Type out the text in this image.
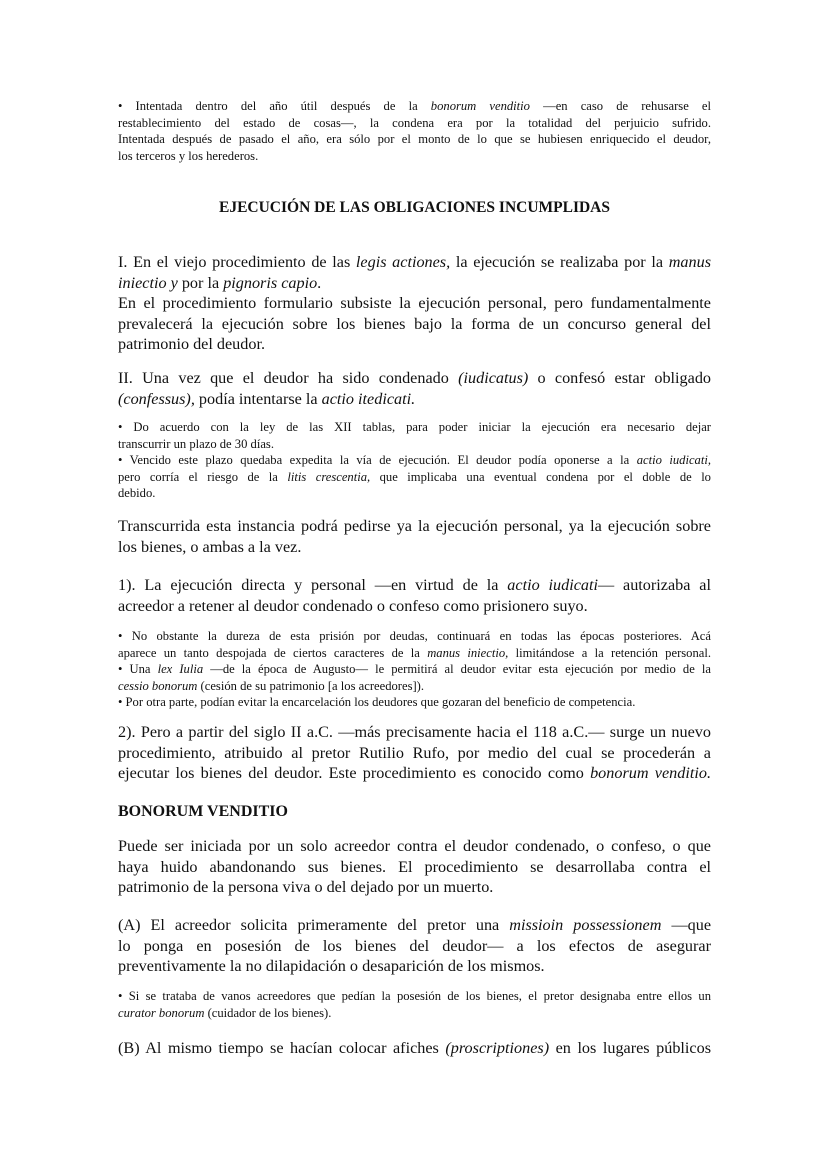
• Intentada dentro del año útil después de la bonorum venditio —en caso de rehusarse el
restablecimiento del estado de cosas—, la condena era por la totalidad del perjuicio sufrido.
Intentada después de pasado el año, era sólo por el monto de lo que se hubiesen enriquecido el deudor,
los terceros y los herederos.
EJECUCIÓN DE LAS OBLIGACIONES INCUMPLIDAS
I. En el viejo procedimiento de las legis actiones, la ejecución se realizaba por la manus
iniectio y por la pignoris capio.
En el procedimiento formulario subsiste la ejecución personal, pero fundamentalmente
prevalecerá la ejecución sobre los bienes bajo la forma de un concurso general del
patrimonio del deudor.
II. Una vez que el deudor ha sido condenado (iudicatus) o confesó estar obligado
(confessus), podía intentarse la actio itedicati.
• Do acuerdo con la ley de las XII tablas, para poder iniciar la ejecución era necesario dejar
transcurrir un plazo de 30 días.
• Vencido este plazo quedaba expedita la vía de ejecución. El deudor podía oponerse a la actio iudicati,
pero corría el riesgo de la litis crescentia, que implicaba una eventual condena por el doble de lo
debido.
Transcurrida esta instancia podrá pedirse ya la ejecución personal, ya la ejecución sobre
los bienes, o ambas a la vez.
1). La ejecución directa y personal —en virtud de la actio iudicati— autorizaba al
acreedor a retener al deudor condenado o confeso como prisionero suyo.
• No obstante la dureza de esta prisión por deudas, continuará en todas las épocas posteriores. Acá
aparece un tanto despojada de ciertos caracteres de la manus iniectio, limitándose a la retención personal.
• Una lex Iulia —de la época de Augusto— le permitirá al deudor evitar esta ejecución por medio de la
cessio bonorum (cesión de su patrimonio [a los acreedores]).
• Por otra parte, podían evitar la encarcelación los deudores que gozaran del beneficio de competencia.
2). Pero a partir del siglo II a.C. —más precisamente hacia el 118 a.C.— surge un nuevo
procedimiento, atribuido al pretor Rutilio Rufo, por medio del cual se procederán a
ejecutar los bienes del deudor. Este procedimiento es conocido como bonorum venditio.
BONORUM VENDITIO
Puede ser iniciada por un solo acreedor contra el deudor condenado, o confeso, o que
haya huido abandonando sus bienes. El procedimiento se desarrollaba contra el
patrimonio de la persona viva o del dejado por un muerto.
(A) El acreedor solicita primeramente del pretor una missioin possessionem —que
lo ponga en posesión de los bienes del deudor— a los efectos de asegurar
preventivamente la no dilapidación o desaparición de los mismos.
• Si se trataba de vanos acreedores que pedían la posesión de los bienes, el pretor designaba entre ellos un
curator bonorum (cuidador de los bienes).
(B) Al mismo tiempo se hacían colocar afiches (proscriptiones) en los lugares públicos
